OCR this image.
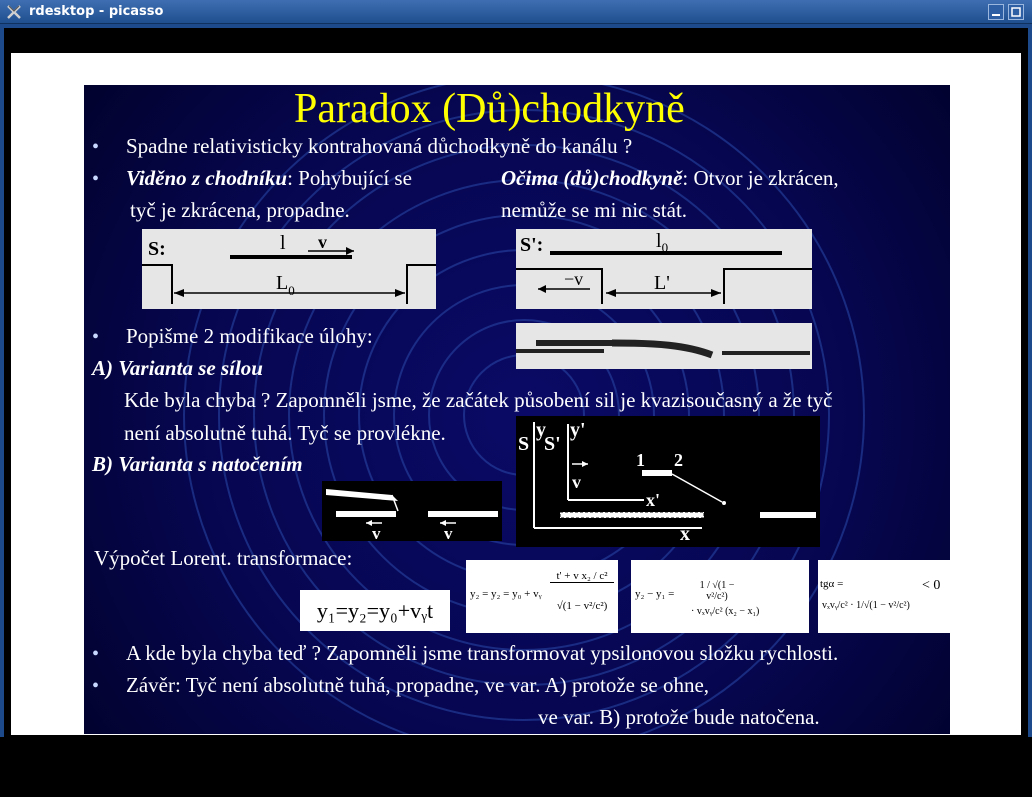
rdesktop - picasso
Paradox (Dů)chodkyně
• Spadne relativisticky kontrahovaná důchodkyně do kanálu ?
• Viděno z chodníku: Pohybující se
tyč je zkrácena, propadne.
Očima (dů)chodkyně: Otvor je zkrácen,
nemůže se mi nic stát.
S:	l v
$L_0$
S':	$l_0$
−v	L'
• Popišme 2 modifikace úlohy:
A) Varianta se sílou
Kde byla chyba ? Zapomněli jsme, že začátek působení sil je kvazisoučasný a že tyč
není absolutně tuhá. Tyč se provlékne.
B) Varianta s natočením
S S'
y y'
v
x
x'
1 2
v	v
Výpočet Lorent. transformace:
y₁=y₂=y₀+vᵧt
y₂ = y₂ = y₀ + vᵧ
t' + v x₂ / c²
√(1 − v²/c²)
y₂ − y₁ =
1 / √(1 − v²/c²)
· vₓvᵧ/c² (x₂ − x₁)
tgα =
vₓvᵧ/c² · 1/√(1 − v²/c²)
< 0
• A kde byla chyba teď ? Zapomněli jsme transformovat ypsilonovou složku rychlosti.
• Závěr: Tyč není absolutně tuhá, propadne, ve var. A) protože se ohne,
ve var. B) protože bude natočena.
